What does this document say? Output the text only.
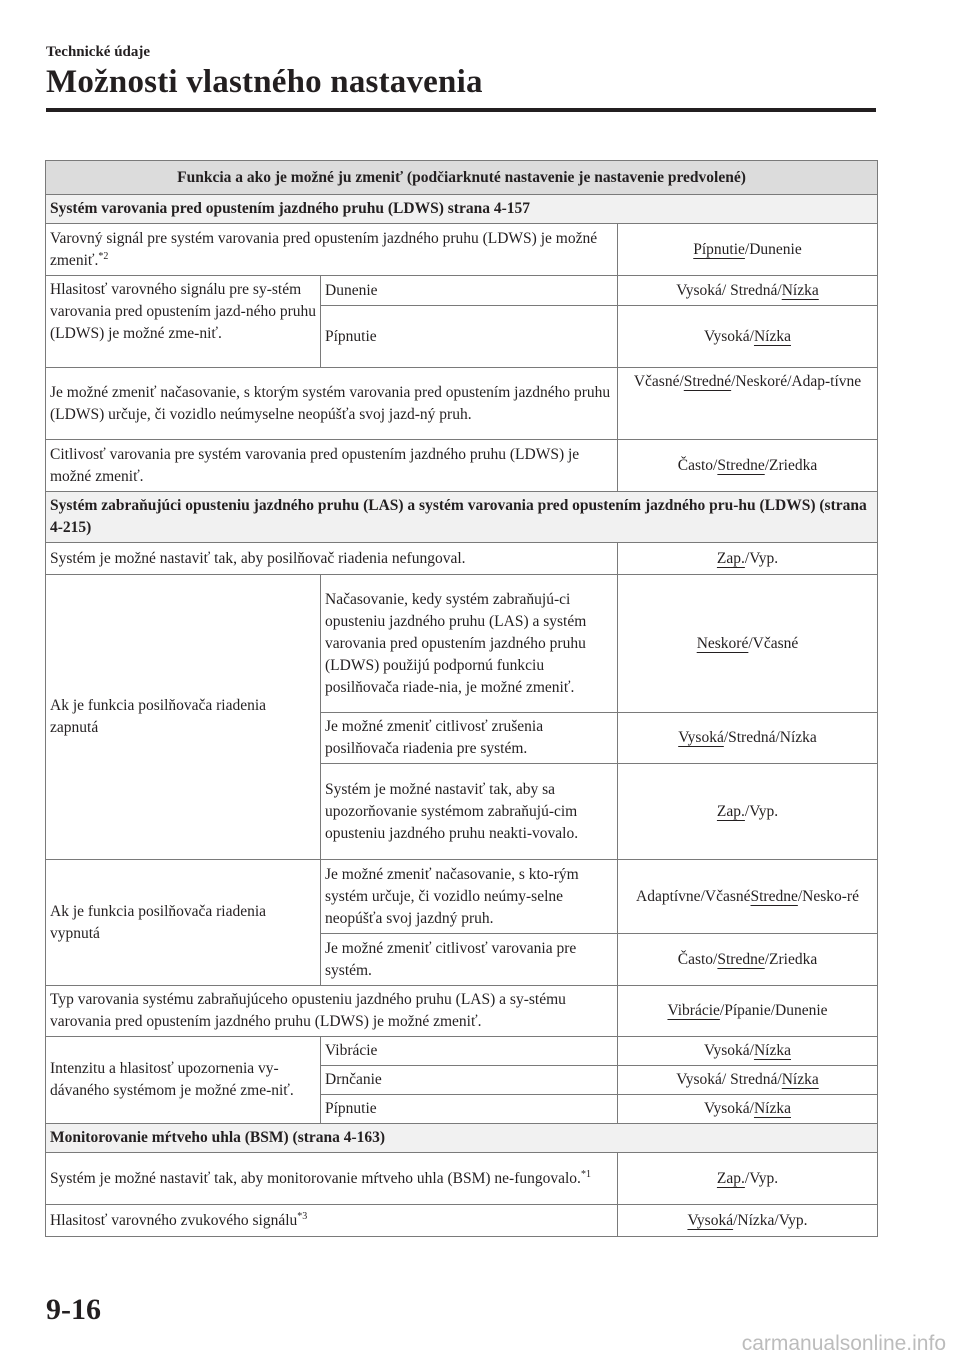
Technické údaje
Možnosti vlastného nastavenia
Funkcia a ako je možné ju zmeniť (podčiarknuté nastavenie je nastavenie predvolené)		
Systém varovania pred opustením jazdného pruhu (LDWS) strana 4-157		
Varovný signál pre systém varovania pred opustením jazdného pruhu (LDWS) je možné zmeniť.$^{*2}$		Pípnutie/Dunenie
Hlasitosť varovného signálu pre sy-stém varovania pred opustením jazd-ného pruhu (LDWS) je možné zme-niť.	Dunenie	Vysoká/ Stredná/Nízka
	Pípnutie	Vysoká/Nízka
Je možné zmeniť načasovanie, s ktorým systém varovania pred opustením jazdného pruhu (LDWS) určuje, či vozidlo neúmyselne neopúšťa svoj jazd-ný pruh.		Včasné/Stredné/Neskoré/Adap-tívne
Citlivosť varovania pre systém varovania pred opustením jazdného pruhu (LDWS) je možné zmeniť.		Často/Stredne/Zriedka
Systém zabraňujúci opusteniu jazdného pruhu (LAS) a systém varovania pred opustením jazdného pru-hu (LDWS) (strana 4-215)		
Systém je možné nastaviť tak, aby posilňovač riadenia nefungoval.		Zap./Vyp.
Ak je funkcia posilňovača riadenia zapnutá	Načasovanie, kedy systém zabraňujú-ci opusteniu jazdného pruhu (LAS) a systém varovania pred opustením jazdného pruhu (LDWS) použijú podpornú funkciu posilňovača riade-nia, je možné zmeniť.	Neskoré/Včasné
	Je možné zmeniť citlivosť zrušenia posilňovača riadenia pre systém.	Vysoká/Stredná/Nízka
	Systém je možné nastaviť tak, aby sa upozorňovanie systémom zabraňujú-cim opusteniu jazdného pruhu neakti-vovalo.	Zap./Vyp.
Ak je funkcia posilňovača riadenia vypnutá	Je možné zmeniť načasovanie, s kto-rým systém určuje, či vozidlo neúmy-selne neopúšťa svoj jazdný pruh.	Adaptívne/VčasnéStredne/Nesko-ré
	Je možné zmeniť citlivosť varovania pre systém.	Často/Stredne/Zriedka
Typ varovania systému zabraňujúceho opusteniu jazdného pruhu (LAS) a sy-stému varovania pred opustením jazdného pruhu (LDWS) je možné zmeniť.		Vibrácie/Pípanie/Dunenie
Intenzitu a hlasitosť upozornenia vy-dávaného systémom je možné zme-niť.	Vibrácie	Vysoká/Nízka
	Drnčanie	Vysoká/ Stredná/Nízka
	Pípnutie	Vysoká/Nízka
Monitorovanie mŕtveho uhla (BSM) (strana 4-163)		
Systém je možné nastaviť tak, aby monitorovanie mŕtveho uhla (BSM) ne-fungovalo.$^{*1}$		Zap./Vyp.
Hlasitosť varovného zvukového signálu$^{*3}$		Vysoká/Nízka/Vyp.
9-16
carmanualsonline.info
